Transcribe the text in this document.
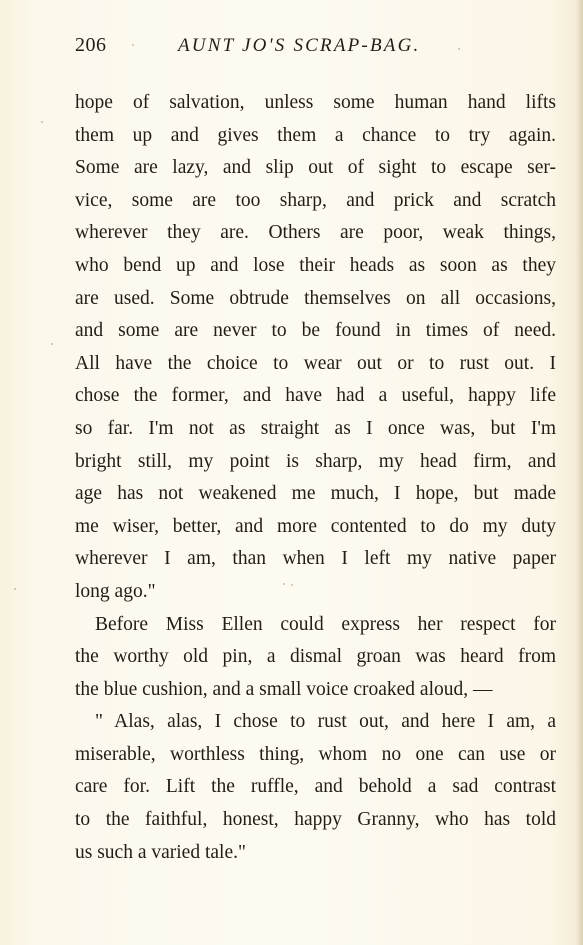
206	AUNT JO'S SCRAP-BAG.
hope of salvation, unless some human hand lifts
them up and gives them a chance to try again.
Some are lazy, and slip out of sight to escape ser-
vice, some are too sharp, and prick and scratch
wherever they are. Others are poor, weak things,
who bend up and lose their heads as soon as they
are used. Some obtrude themselves on all occasions,
and some are never to be found in times of need.
All have the choice to wear out or to rust out. I
chose the former, and have had a useful, happy life
so far. I'm not as straight as I once was, but I'm
bright still, my point is sharp, my head firm, and
age has not weakened me much, I hope, but made
me wiser, better, and more contented to do my duty
wherever I am, than when I left my native paper
long ago."
Before Miss Ellen could express her respect for
the worthy old pin, a dismal groan was heard from
the blue cushion, and a small voice croaked aloud, —
" Alas, alas, I chose to rust out, and here I am, a
miserable, worthless thing, whom no one can use or
care for. Lift the ruffle, and behold a sad contrast
to the faithful, honest, happy Granny, who has told
us such a varied tale."
